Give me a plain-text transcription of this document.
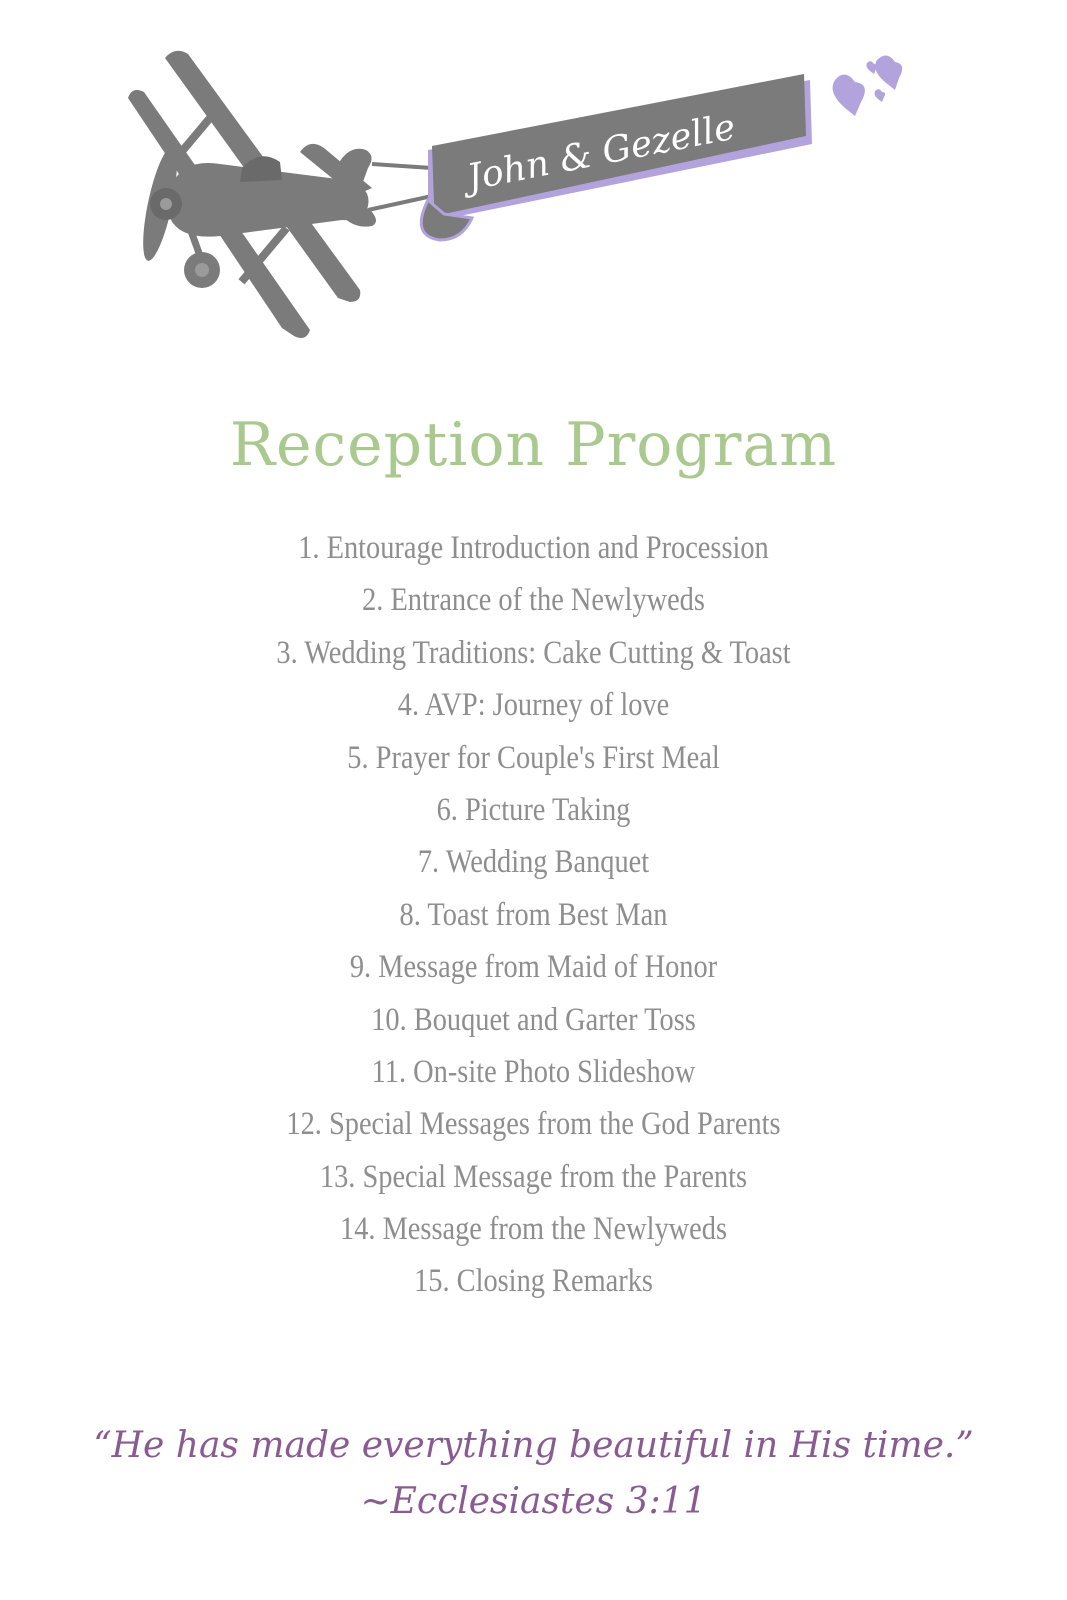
John & Gezelle
Reception Program
1. Entourage Introduction and Procession
2. Entrance of the Newlyweds
3. Wedding Traditions: Cake Cutting & Toast
4. AVP: Journey of love
5. Prayer for Couple's First Meal
6. Picture Taking
7. Wedding Banquet
8. Toast from Best Man
9. Message from Maid of Honor
10. Bouquet and Garter Toss
11. On-site Photo Slideshow
12. Special Messages from the God Parents
13. Special Message from the Parents
14. Message from the Newlyweds
15. Closing Remarks
“He has made everything beautiful in His time.”
~Ecclesiastes 3:11
